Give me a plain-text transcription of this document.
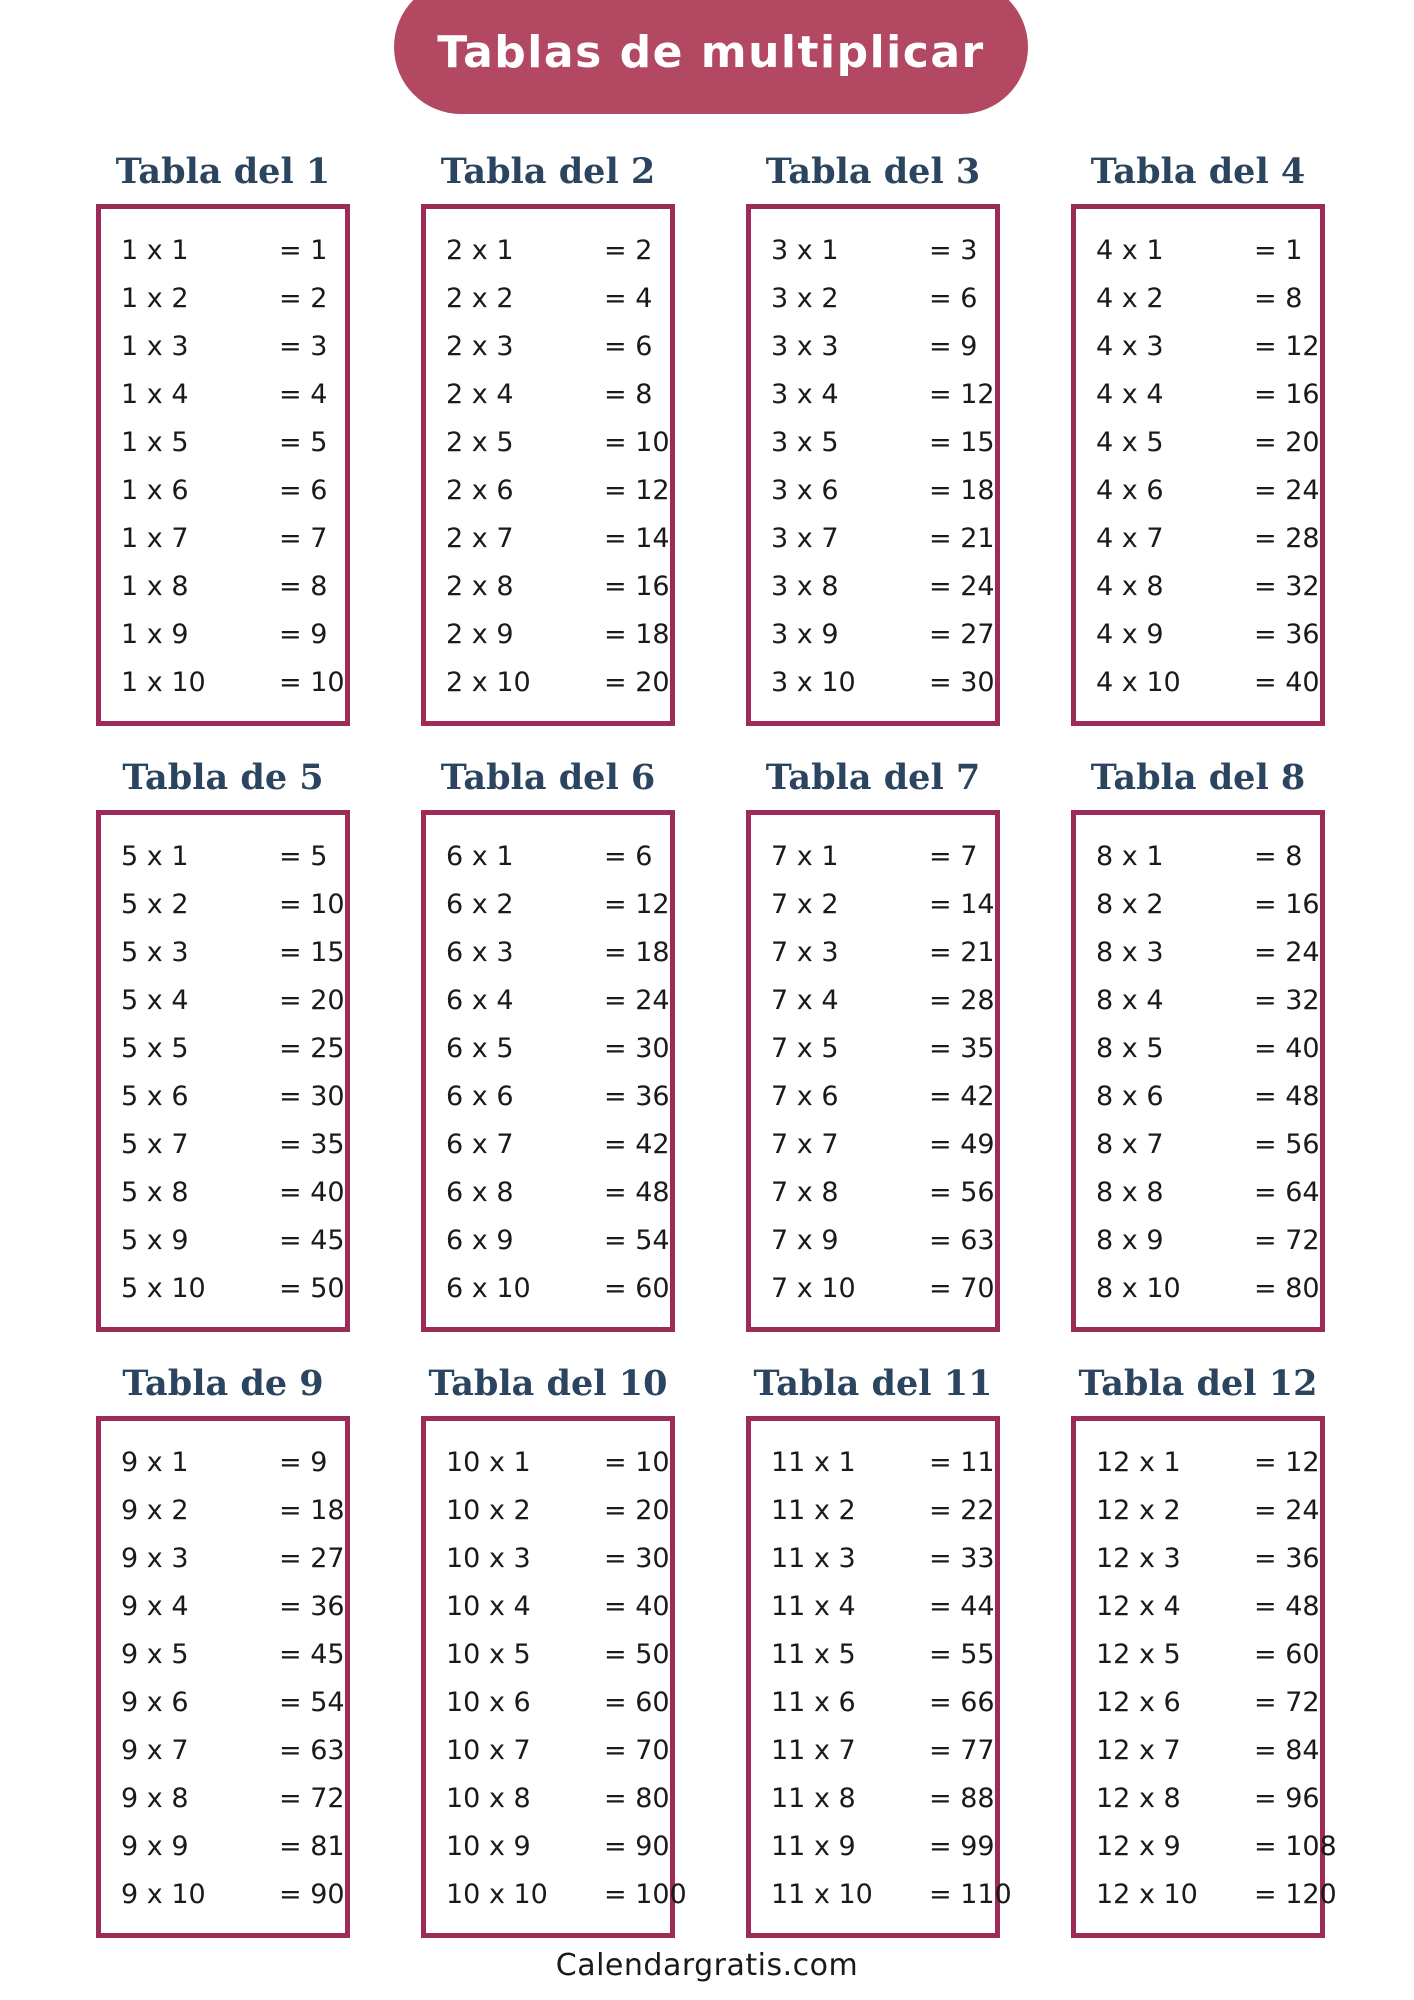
Tablas de multiplicar
Tabla del 1
1 x 1	= 1
1 x 2	= 2
1 x 3	= 3
1 x 4	= 4
1 x 5	= 5
1 x 6	= 6
1 x 7	= 7
1 x 8	= 8
1 x 9	= 9
1 x 10	= 10
Tabla del 2
2 x 1	= 2
2 x 2	= 4
2 x 3	= 6
2 x 4	= 8
2 x 5	= 10
2 x 6	= 12
2 x 7	= 14
2 x 8	= 16
2 x 9	= 18
2 x 10	= 20
Tabla del 3
3 x 1	= 3
3 x 2	= 6
3 x 3	= 9
3 x 4	= 12
3 x 5	= 15
3 x 6	= 18
3 x 7	= 21
3 x 8	= 24
3 x 9	= 27
3 x 10	= 30
Tabla del 4
4 x 1	= 1
4 x 2	= 8
4 x 3	= 12
4 x 4	= 16
4 x 5	= 20
4 x 6	= 24
4 x 7	= 28
4 x 8	= 32
4 x 9	= 36
4 x 10	= 40
Tabla de 5
5 x 1	= 5
5 x 2	= 10
5 x 3	= 15
5 x 4	= 20
5 x 5	= 25
5 x 6	= 30
5 x 7	= 35
5 x 8	= 40
5 x 9	= 45
5 x 10	= 50
Tabla del 6
6 x 1	= 6
6 x 2	= 12
6 x 3	= 18
6 x 4	= 24
6 x 5	= 30
6 x 6	= 36
6 x 7	= 42
6 x 8	= 48
6 x 9	= 54
6 x 10	= 60
Tabla del 7
7 x 1	= 7
7 x 2	= 14
7 x 3	= 21
7 x 4	= 28
7 x 5	= 35
7 x 6	= 42
7 x 7	= 49
7 x 8	= 56
7 x 9	= 63
7 x 10	= 70
Tabla del 8
8 x 1	= 8
8 x 2	= 16
8 x 3	= 24
8 x 4	= 32
8 x 5	= 40
8 x 6	= 48
8 x 7	= 56
8 x 8	= 64
8 x 9	= 72
8 x 10	= 80
Tabla de 9
9 x 1	= 9
9 x 2	= 18
9 x 3	= 27
9 x 4	= 36
9 x 5	= 45
9 x 6	= 54
9 x 7	= 63
9 x 8	= 72
9 x 9	= 81
9 x 10	= 90
Tabla del 10
10 x 1	= 10
10 x 2	= 20
10 x 3	= 30
10 x 4	= 40
10 x 5	= 50
10 x 6	= 60
10 x 7	= 70
10 x 8	= 80
10 x 9	= 90
10 x 10	= 100
Tabla del 11
11 x 1	= 11
11 x 2	= 22
11 x 3	= 33
11 x 4	= 44
11 x 5	= 55
11 x 6	= 66
11 x 7	= 77
11 x 8	= 88
11 x 9	= 99
11 x 10	= 110
Tabla del 12
12 x 1	= 12
12 x 2	= 24
12 x 3	= 36
12 x 4	= 48
12 x 5	= 60
12 x 6	= 72
12 x 7	= 84
12 x 8	= 96
12 x 9	= 108
12 x 10	= 120
Calendargratis.com
